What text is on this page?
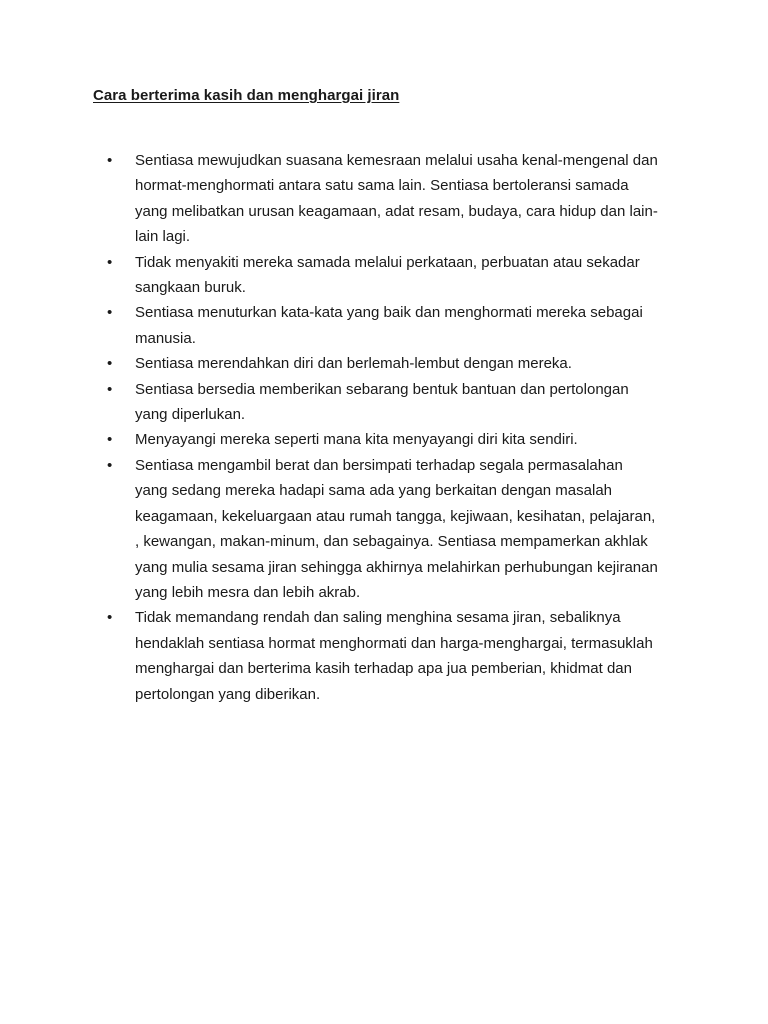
Cara berterima kasih dan menghargai jiran
•	Sentiasa mewujudkan suasana kemesraan melalui usaha kenal-mengenal dan
hormat-menghormati antara satu sama lain. Sentiasa bertoleransi samada
yang melibatkan urusan keagamaan, adat resam, budaya, cara hidup dan lain-
lain lagi.
•	Tidak menyakiti mereka samada melalui perkataan, perbuatan atau sekadar
sangkaan buruk.
•	Sentiasa menuturkan kata-kata yang baik dan menghormati mereka sebagai
manusia.
•	Sentiasa merendahkan diri dan berlemah-lembut dengan mereka.
•	Sentiasa bersedia memberikan sebarang bentuk bantuan dan pertolongan
yang diperlukan.
•	Menyayangi mereka seperti mana kita menyayangi diri kita sendiri.
•	Sentiasa mengambil berat dan bersimpati terhadap segala permasalahan
yang sedang mereka hadapi sama ada yang berkaitan dengan masalah
keagamaan, kekeluargaan atau rumah tangga, kejiwaan, kesihatan, pelajaran,
, kewangan, makan-minum, dan sebagainya. Sentiasa mempamerkan akhlak
yang mulia sesama jiran sehingga akhirnya melahirkan perhubungan kejiranan
yang lebih mesra dan lebih akrab.
•	Tidak memandang rendah dan saling menghina sesama jiran, sebaliknya
hendaklah sentiasa hormat menghormati dan harga-menghargai, termasuklah
menghargai dan berterima kasih terhadap apa jua pemberian, khidmat dan
pertolongan yang diberikan.
